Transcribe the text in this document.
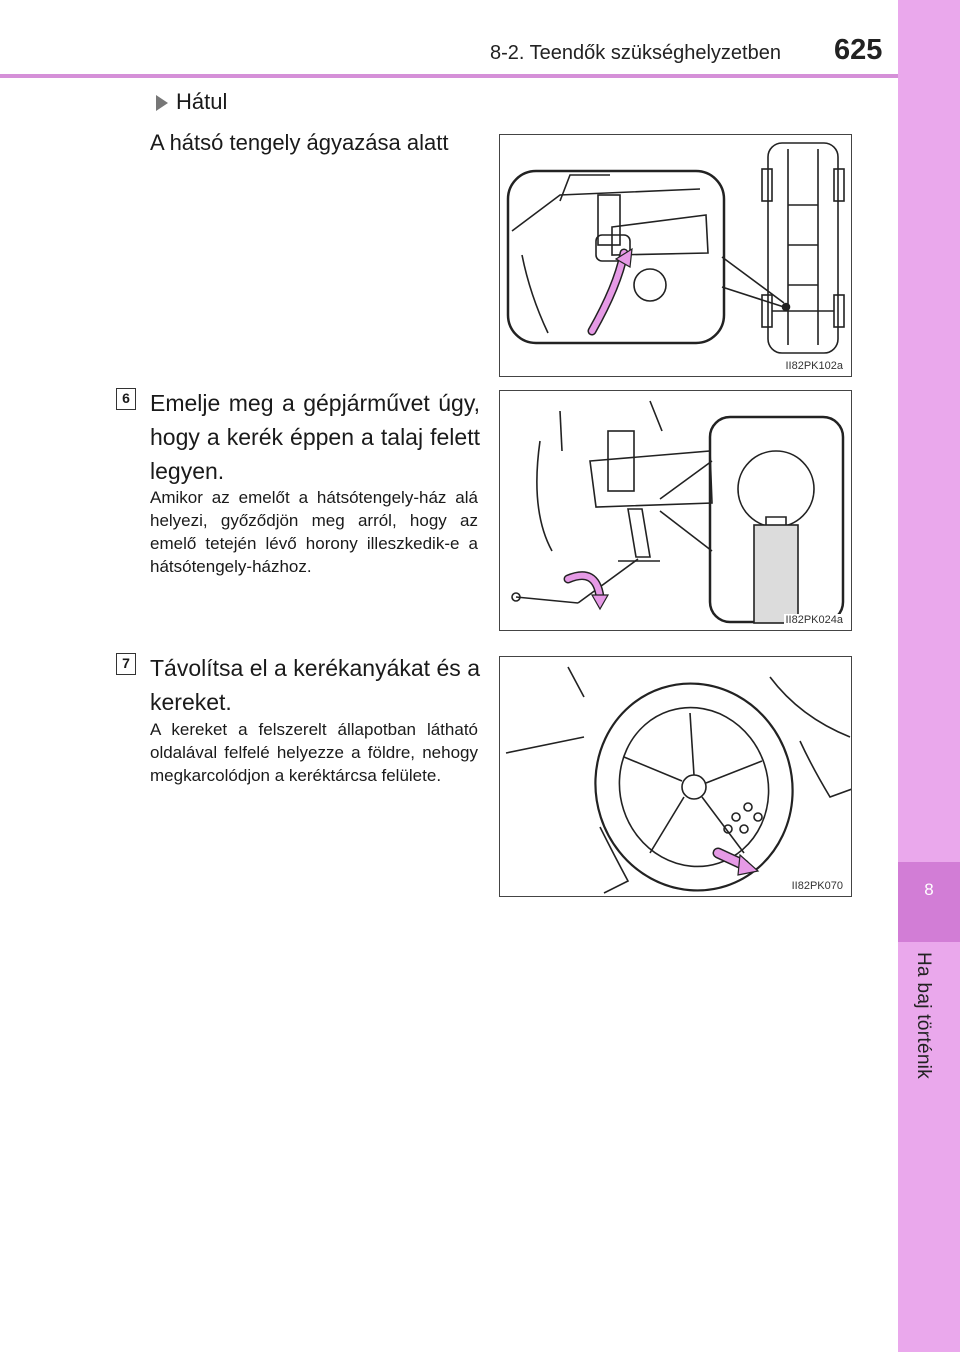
8-2. Teendők szükséghelyzetben 625
8
Ha baj történik
Hátul
A hátsó tengely ágyazása alatt
II82PK102a
6 Emelje meg a gépjárművet úgy, hogy a kerék éppen a talaj felett legyen.
Amikor az emelőt a hátsótengely-ház alá helyezi, győződjön meg arról, hogy az emelő tetején lévő horony illeszkedik-e a hátsótengely-házhoz.
II82PK024a
7 Távolítsa el a kerékanyákat és a kereket.
A kereket a felszerelt állapotban látható oldalával felfelé helyezze a földre, nehogy megkarcolódjon a keréktárcsa felülete.
II82PK070
